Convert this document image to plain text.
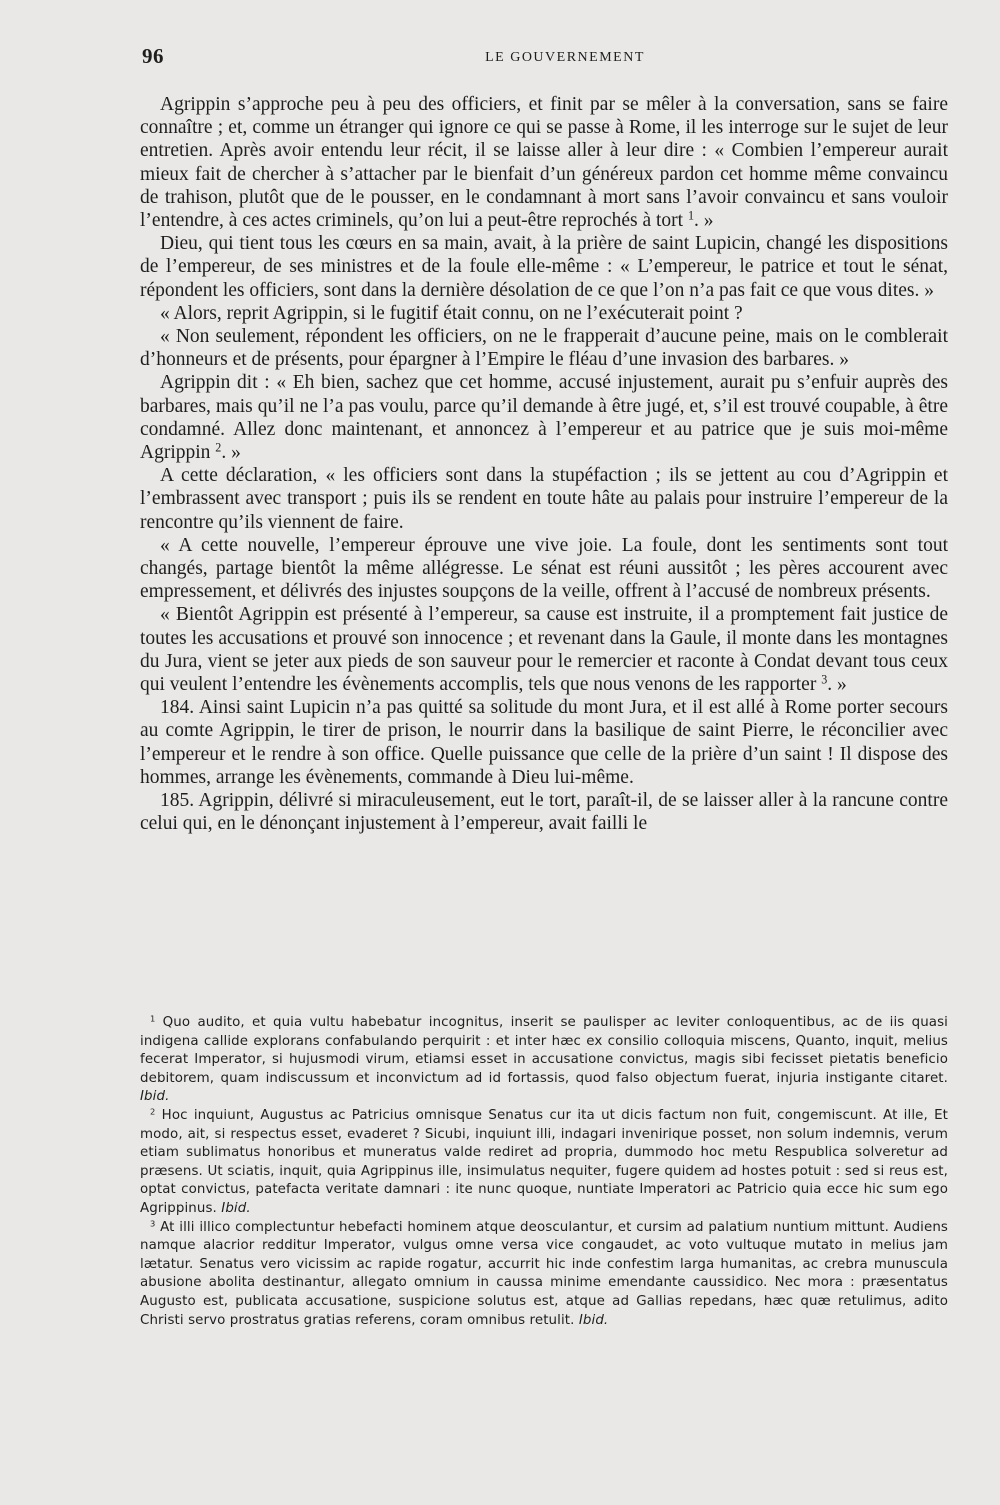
96	LE GOUVERNEMENT

Agrippin s’approche peu à peu des officiers, et finit par se mêler à la conversation, sans se faire connaître ; et, comme un étranger qui ignore ce qui se passe à Rome, il les interroge sur le sujet de leur entretien. Après avoir entendu leur récit, il se laisse aller à leur dire : « Combien l’empereur aurait mieux fait de chercher à s’attacher par le bienfait d’un généreux pardon cet homme même convaincu de trahison, plutôt que de le pousser, en le condamnant à mort sans l’avoir convaincu et sans vouloir l’entendre, à ces actes criminels, qu’on lui a peut-être reprochés à tort $^1$. »

Dieu, qui tient tous les cœurs en sa main, avait, à la prière de saint Lupicin, changé les dispositions de l’empereur, de ses ministres et de la foule elle-même : « L’empereur, le patrice et tout le sénat, répondent les officiers, sont dans la dernière désolation de ce que l’on n’a pas fait ce que vous dites. »

« Alors, reprit Agrippin, si le fugitif était connu, on ne l’exécuterait point ?

« Non seulement, répondent les officiers, on ne le frapperait d’aucune peine, mais on le comblerait d’honneurs et de présents, pour épargner à l’Empire le fléau d’une invasion des barbares. »

Agrippin dit : « Eh bien, sachez que cet homme, accusé injustement, aurait pu s’enfuir auprès des barbares, mais qu’il ne l’a pas voulu, parce qu’il demande à être jugé, et, s’il est trouvé coupable, à être condamné. Allez donc maintenant, et annoncez à l’empereur et au patrice que je suis moi-même Agrippin $^2$. »

A cette déclaration, « les officiers sont dans la stupéfaction ; ils se jettent au cou d’Agrippin et l’embrassent avec transport ; puis ils se rendent en toute hâte au palais pour instruire l’empereur de la rencontre qu’ils viennent de faire.

« A cette nouvelle, l’empereur éprouve une vive joie. La foule, dont les sentiments sont tout changés, partage bientôt la même allégresse. Le sénat est réuni aussitôt ; les pères accourent avec empressement, et délivrés des injustes soupçons de la veille, offrent à l’accusé de nombreux présents.

« Bientôt Agrippin est présenté à l’empereur, sa cause est instruite, il a promptement fait justice de toutes les accusations et prouvé son innocence ; et revenant dans la Gaule, il monte dans les montagnes du Jura, vient se jeter aux pieds de son sauveur pour le remercier et raconte à Condat devant tous ceux qui veulent l’entendre les évènements accomplis, tels que nous venons de les rapporter $^3$. »

184. Ainsi saint Lupicin n’a pas quitté sa solitude du mont Jura, et il est allé à Rome porter secours au comte Agrippin, le tirer de prison, le nourrir dans la basilique de saint Pierre, le réconcilier avec l’empereur et le rendre à son office. Quelle puissance que celle de la prière d’un saint ! Il dispose des hommes, arrange les évènements, commande à Dieu lui-même.

185. Agrippin, délivré si miraculeusement, eut le tort, paraît-il, de se laisser aller à la rancune contre celui qui, en le dénonçant injustement à l’empereur, avait failli le

$^1$ Quo audito, et quia vultu habebatur incognitus, inserit se paulisper ac leviter conloquentibus, ac de iis quasi indigena callide explorans confabulando perquirit : et inter hæc ex consilio colloquia miscens, Quanto, inquit, melius fecerat Imperator, si hujusmodi virum, etiamsi esset in accusatione convictus, magis sibi fecisset pietatis beneficio debitorem, quam indiscussum et inconvictum ad id fortassis, quod falso objectum fuerat, injuria instigante citaret. Ibid.

$^2$ Hoc inquiunt, Augustus ac Patricius omnisque Senatus cur ita ut dicis factum non fuit, congemiscunt. At ille, Et modo, ait, si respectus esset, evaderet ? Sicubi, inquiunt illi, indagari invenirique posset, non solum indemnis, verum etiam sublimatus honoribus et muneratus valde rediret ad propria, dummodo hoc metu Respublica solveretur ad præsens. Ut sciatis, inquit, quia Agrippinus ille, insimulatus nequiter, fugere quidem ad hostes potuit : sed si reus est, optat convictus, patefacta veritate damnari : ite nunc quoque, nuntiate Imperatori ac Patricio quia ecce hic sum ego Agrippinus. Ibid.

$^3$ At illi illico complectuntur hebefacti hominem atque deosculantur, et cursim ad palatium nuntium mittunt. Audiens namque alacrior redditur Imperator, vulgus omne versa vice congaudet, ac voto vultuque mutato in melius jam lætatur. Senatus vero vicissim ac rapide rogatur, accurrit hic inde confestim larga humanitas, ac crebra munuscula abusione abolita destinantur, allegato omnium in caussa minime emendante caussidico. Nec mora : præsentatus Augusto est, publicata accusatione, suspicione solutus est, atque ad Gallias repedans, hæc quæ retulimus, adito Christi servo prostratus gratias referens, coram omnibus retulit. Ibid.
